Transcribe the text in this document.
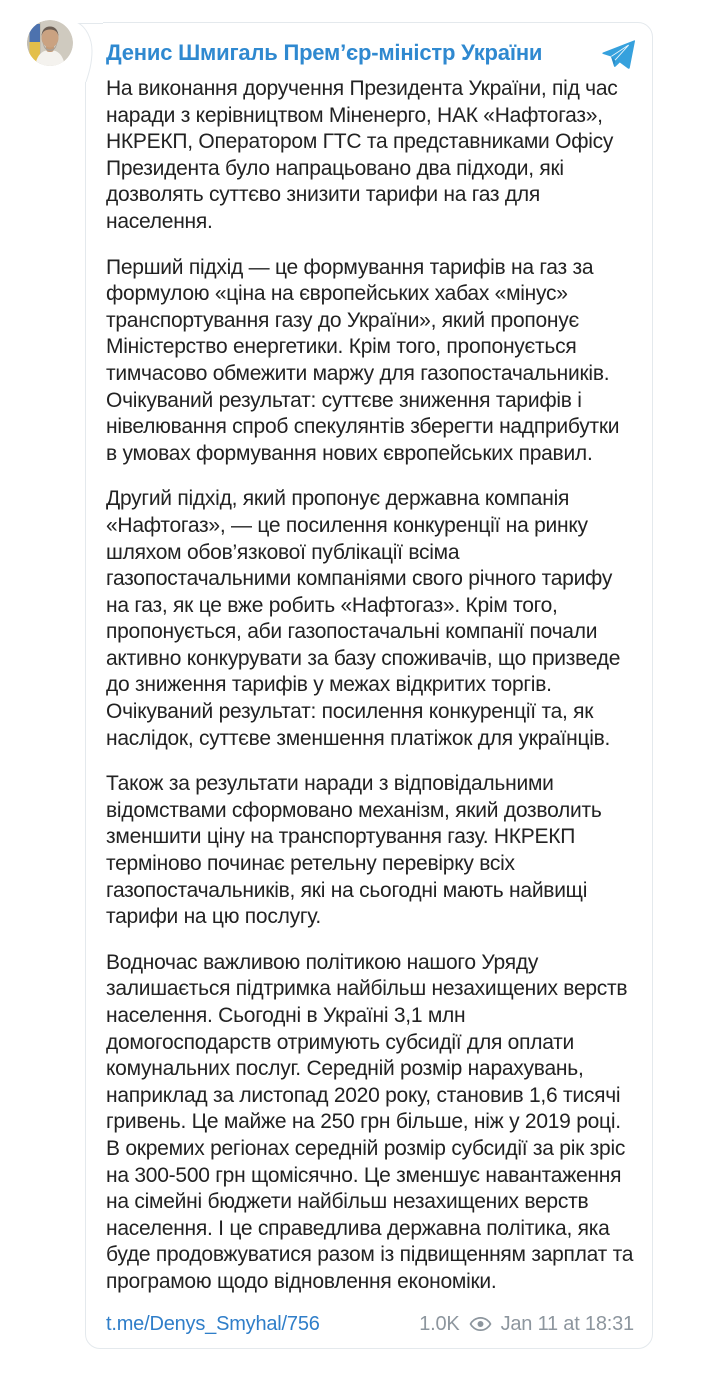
Денис Шмигаль Прем’єр-міністр України

На виконання доручення Президента України, під час наради з керівництвом Міненерго, НАК «Нафтогаз», НКРЕКП, Оператором ГТС та представниками Офісу Президента було напрацьовано два підходи, які дозволять суттєво знизити тарифи на газ для населення.

Перший підхід — це формування тарифів на газ за формулою «ціна на європейських хабах «мінус» транспортування газу до України», який пропонує Міністерство енергетики. Крім того, пропонується тимчасово обмежити маржу для газопостачальників. Очікуваний результат: суттєве зниження тарифів і нівелювання спроб спекулянтів зберегти надприбутки в умовах формування нових європейських правил.

Другий підхід, який пропонує державна компанія «Нафтогаз», — це посилення конкуренції на ринку шляхом обов’язкової публікації всіма газопостачальними компаніями свого річного тарифу на газ, як це вже робить «Нафтогаз». Крім того, пропонується, аби газопостачальні компанії почали активно конкурувати за базу споживачів, що призведе до зниження тарифів у межах відкритих торгів. Очікуваний результат: посилення конкуренції та, як наслідок, суттєве зменшення платіжок для українців.

Також за результати наради з відповідальними відомствами сформовано механізм, який дозволить зменшити ціну на транспортування газу. НКРЕКП терміново починає ретельну перевірку всіх газопостачальників, які на сьогодні мають найвищі тарифи на цю послугу.

Водночас важливою політикою нашого Уряду залишається підтримка найбільш незахищених верств населення. Сьогодні в Україні 3,1 млн домогосподарств отримують субсидії для оплати комунальних послуг. Середній розмір нарахувань, наприклад за листопад 2020 року, становив 1,6 тисячі гривень. Це майже на 250 грн більше, ніж у 2019 році. В окремих регіонах середній розмір субсидії за рік зріс на 300-500 грн щомісячно. Це зменшує навантаження на сімейні бюджети найбільш незахищених верств населення. І це справедлива державна політика, яка буде продовжуватися разом із підвищенням зарплат та програмою щодо відновлення економіки.

t.me/Denys_Smyhal/756	1.0K Jan 11 at 18:31
